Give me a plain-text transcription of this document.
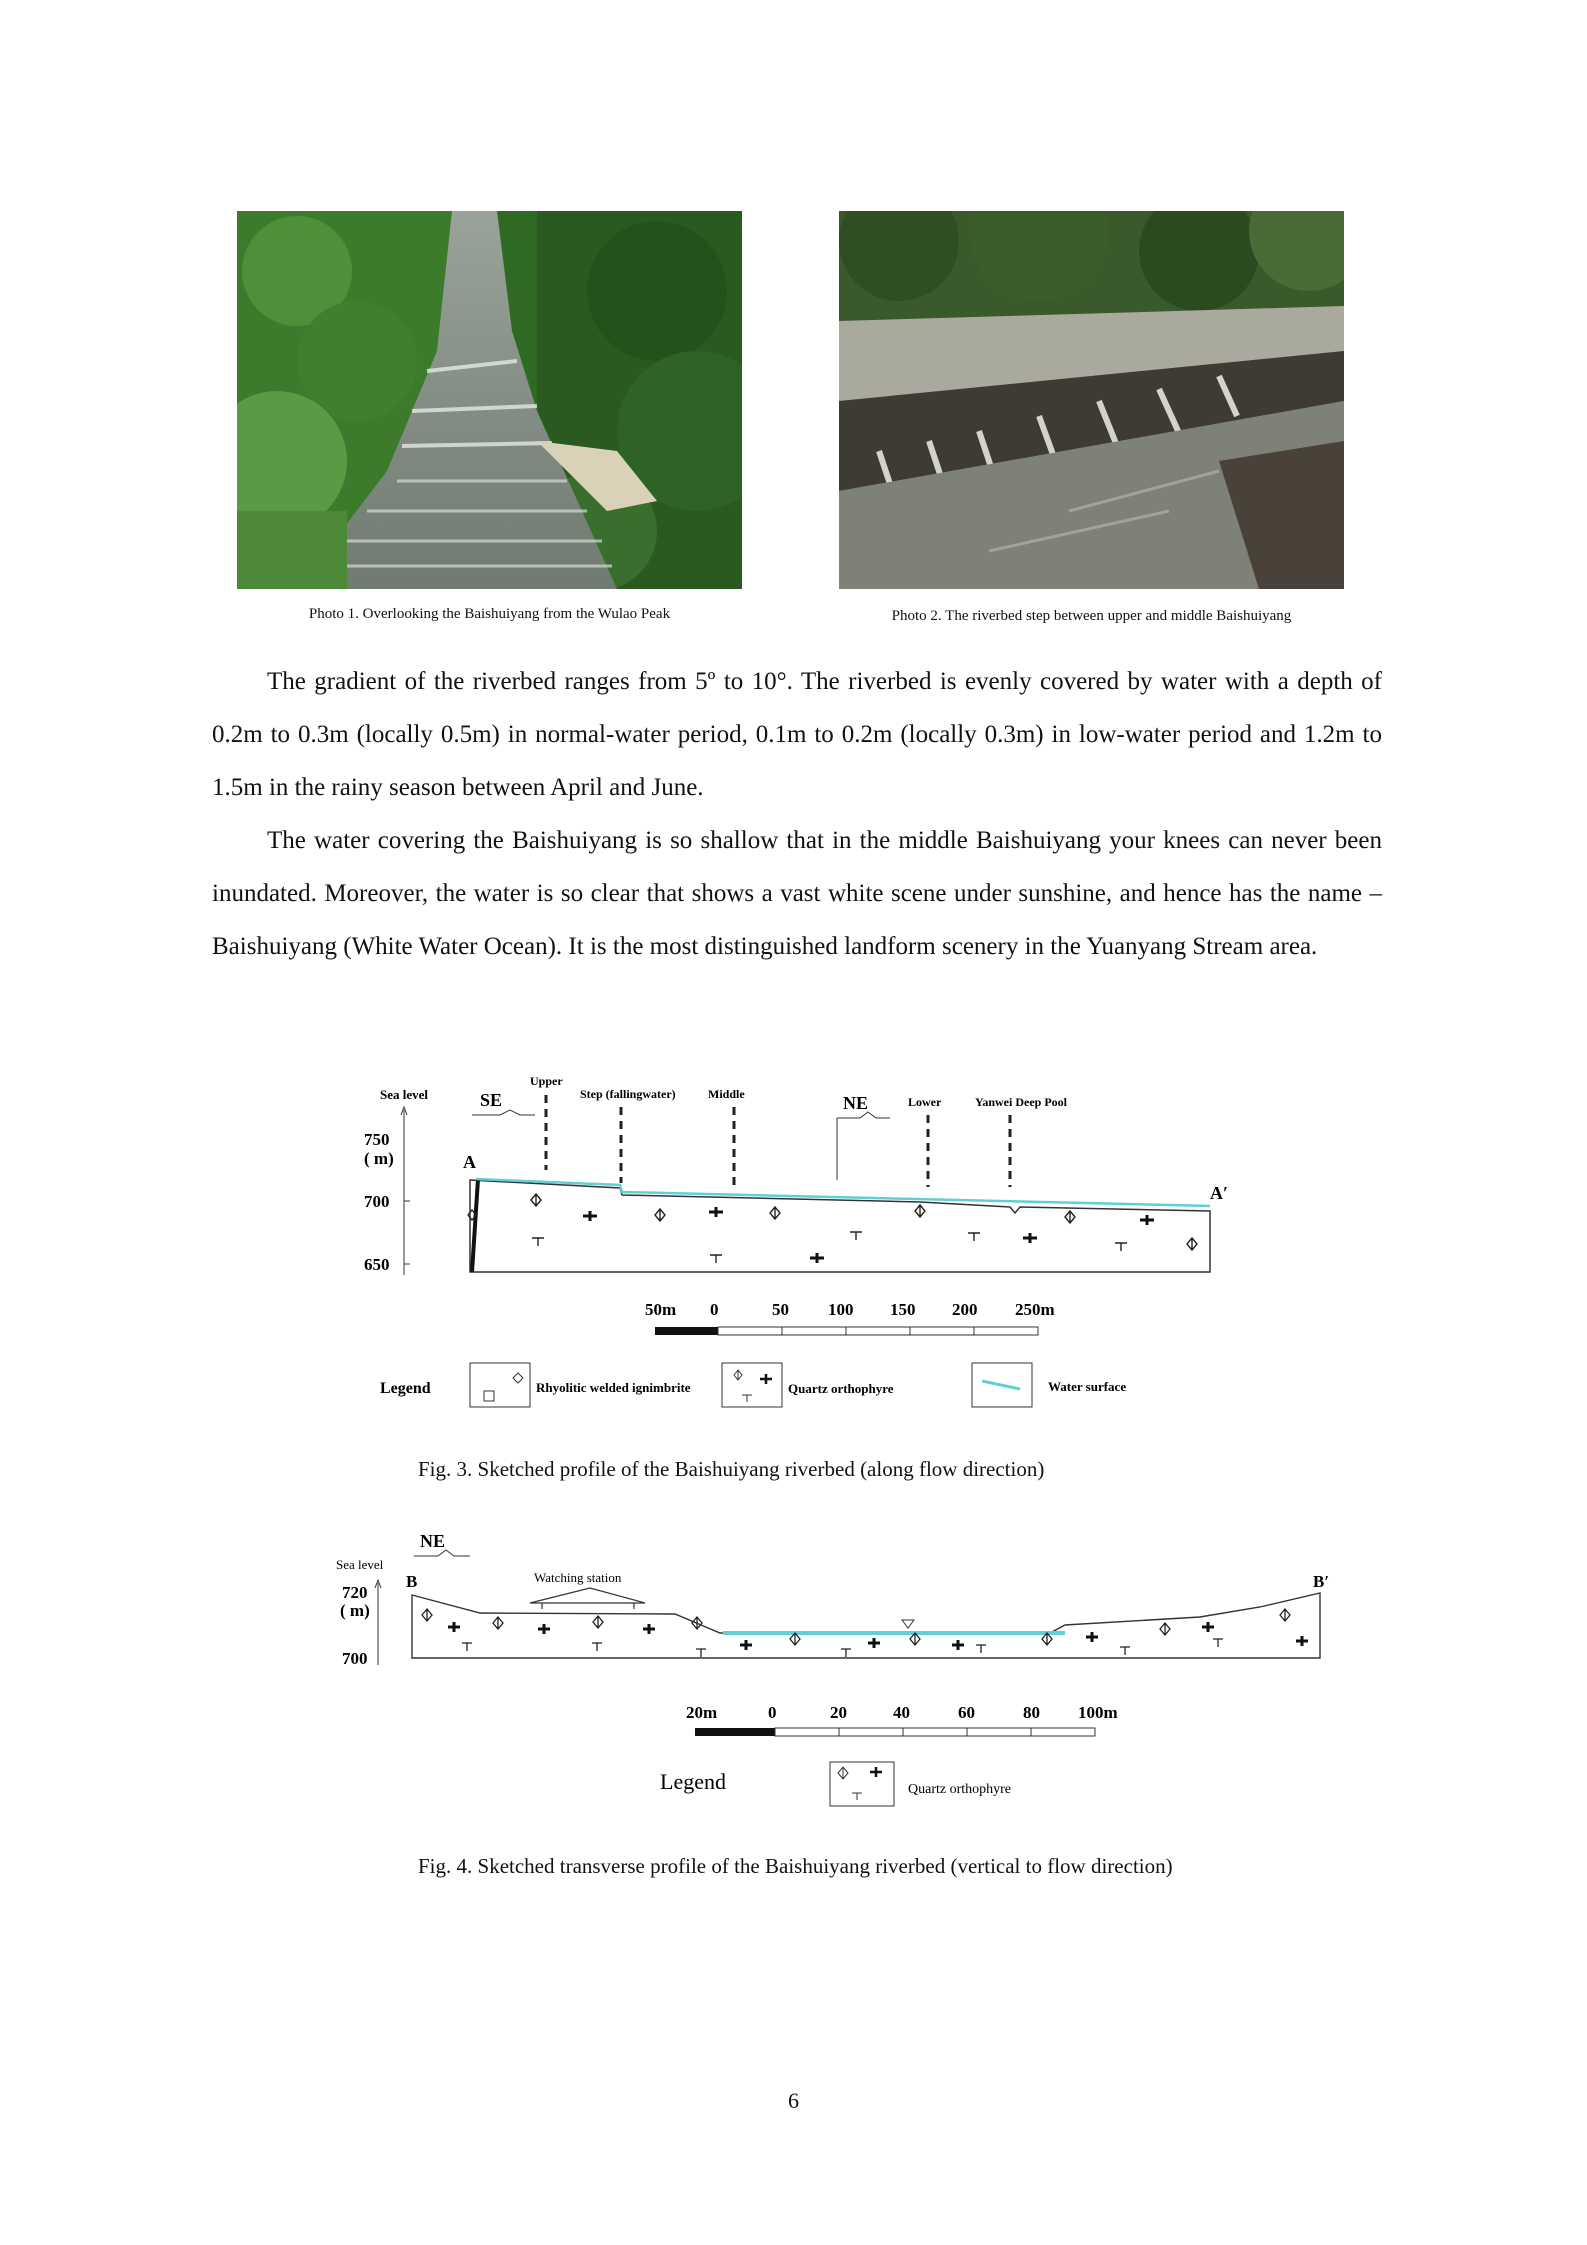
Photo 1. Overlooking the Baishuiyang from the Wulao Peak	Photo 2. The riverbed step between upper and middle Baishuiyang

The gradient of the riverbed ranges from 5º to 10°. The riverbed is evenly covered by water with a depth of 0.2m to 0.3m (locally 0.5m) in normal-water period, 0.1m to 0.2m (locally 0.3m) in low-water period and 1.2m to 1.5m in the rainy season between April and June.

The water covering the Baishuiyang is so shallow that in the middle Baishuiyang your knees can never been inundated. Moreover, the water is so clear that shows a vast white scene under sunshine, and hence has the name – Baishuiyang (White Water Ocean). It is the most distinguished landform scenery in the Yuanyang Stream area.

Sea level
750
( m)
700
650
SE	NE
Upper
Step (fallingwater)	Middle
Lower	Yanwei Deep Pool
A
A′
50m 0	50 100 150 200 250m
Legend	Rhyolitic welded ignimbrite	Quartz orthophyre	Water surface
Fig. 3. Sketched profile of the Baishuiyang riverbed (along flow direction)
NE
Sea level
720
( m)
700
B	B′
Watching station
20m	0	20	40	60	80 100m
Legend	Quartz orthophyre
Fig. 4. Sketched transverse profile of the Baishuiyang riverbed (vertical to flow direction)
6
